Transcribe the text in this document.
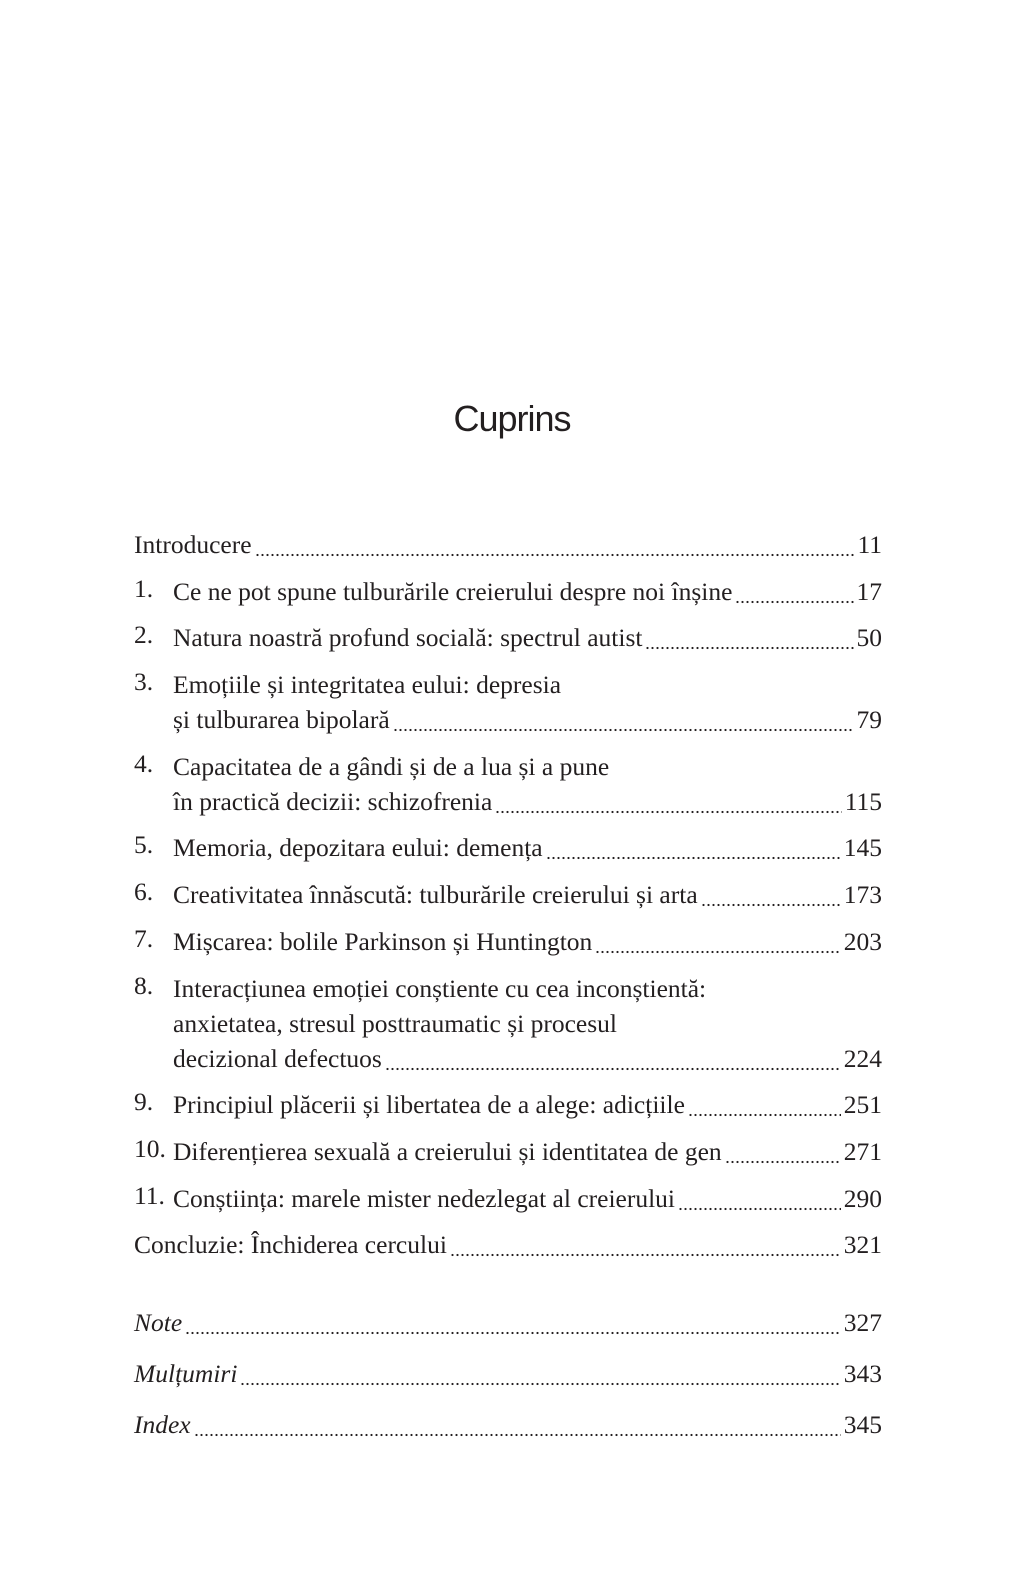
Cuprins
Introducere	11
1. Ce ne pot spune tulburările creierului despre noi înșine	17
2. Natura noastră profund socială: spectrul autist	50
3. Emoțiile și integritatea eului: depresia
și tulburarea bipolară	79
4. Capacitatea de a gândi și de a lua și a pune
în practică decizii: schizofrenia	115
5. Memoria, depozitara eului: demența	145
6. Creativitatea înnăscută: tulburările creierului și arta	173
7. Mișcarea: bolile Parkinson și Huntington	203
8. Interacțiunea emoției conștiente cu cea inconștientă:
anxietatea, stresul posttraumatic și procesul
decizional defectuos	224
9. Principiul plăcerii și libertatea de a alege: adicțiile	251
10. Diferențierea sexuală a creierului și identitatea de gen	271
11. Conștiința: marele mister nedezlegat al creierului	290
Concluzie: Închiderea cercului	321
Note	327
Mulțumiri	343
Index	345
